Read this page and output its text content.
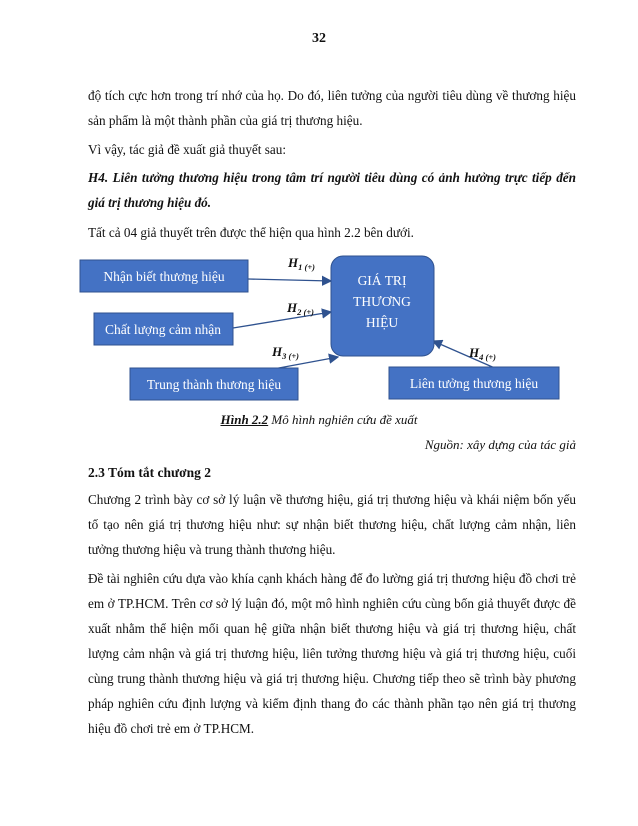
32

độ tích cực hơn trong trí nhớ của họ. Do đó, liên tưởng của người tiêu dùng về thương hiệu sản phẩm là một thành phần của giá trị thương hiệu.

Vì vậy, tác giả đề xuất giả thuyết sau:

H4. Liên tưởng thương hiệu trong tâm trí người tiêu dùng có ảnh hưởng trực tiếp đến giá trị thương hiệu đó.

Tất cả 04 giả thuyết trên được thể hiện qua hình 2.2 bên dưới.

Nhận biết thương hiệu
Chất lượng cảm nhận
Trung thành thương hiệu	Liên tưởng thương hiệu
GIÁ TRỊ
THƯƠNG
HIỆU
H1 (+)
H2 (+)
H3 (+)	H4 (+)
Hình 2.2 Mô hình nghiên cứu đề xuất
Nguồn: xây dựng của tác giả
2.3 Tóm tắt chương 2

Chương 2 trình bày cơ sở lý luận về thương hiệu, giá trị thương hiệu và khái niệm bốn yếu tố tạo nên giá trị thương hiệu như: sự nhận biết thương hiệu, chất lượng cảm nhận, liên tưởng thương hiệu và trung thành thương hiệu.

Đề tài nghiên cứu dựa vào khía cạnh khách hàng để đo lường giá trị thương hiệu đồ chơi trẻ em ở TP.HCM. Trên cơ sở lý luận đó, một mô hình nghiên cứu cùng bốn giả thuyết được đề xuất nhằm thể hiện mối quan hệ giữa nhận biết thương hiệu và giá trị thương hiệu, chất lượng cảm nhận và giá trị thương hiệu, liên tưởng thương hiệu và giá trị thương hiệu, cuối cùng trung thành thương hiệu và giá trị thương hiệu. Chương tiếp theo sẽ trình bày phương pháp nghiên cứu định lượng và kiểm định thang đo các thành phần tạo nên giá trị thương hiệu đồ chơi trẻ em ở TP.HCM.
